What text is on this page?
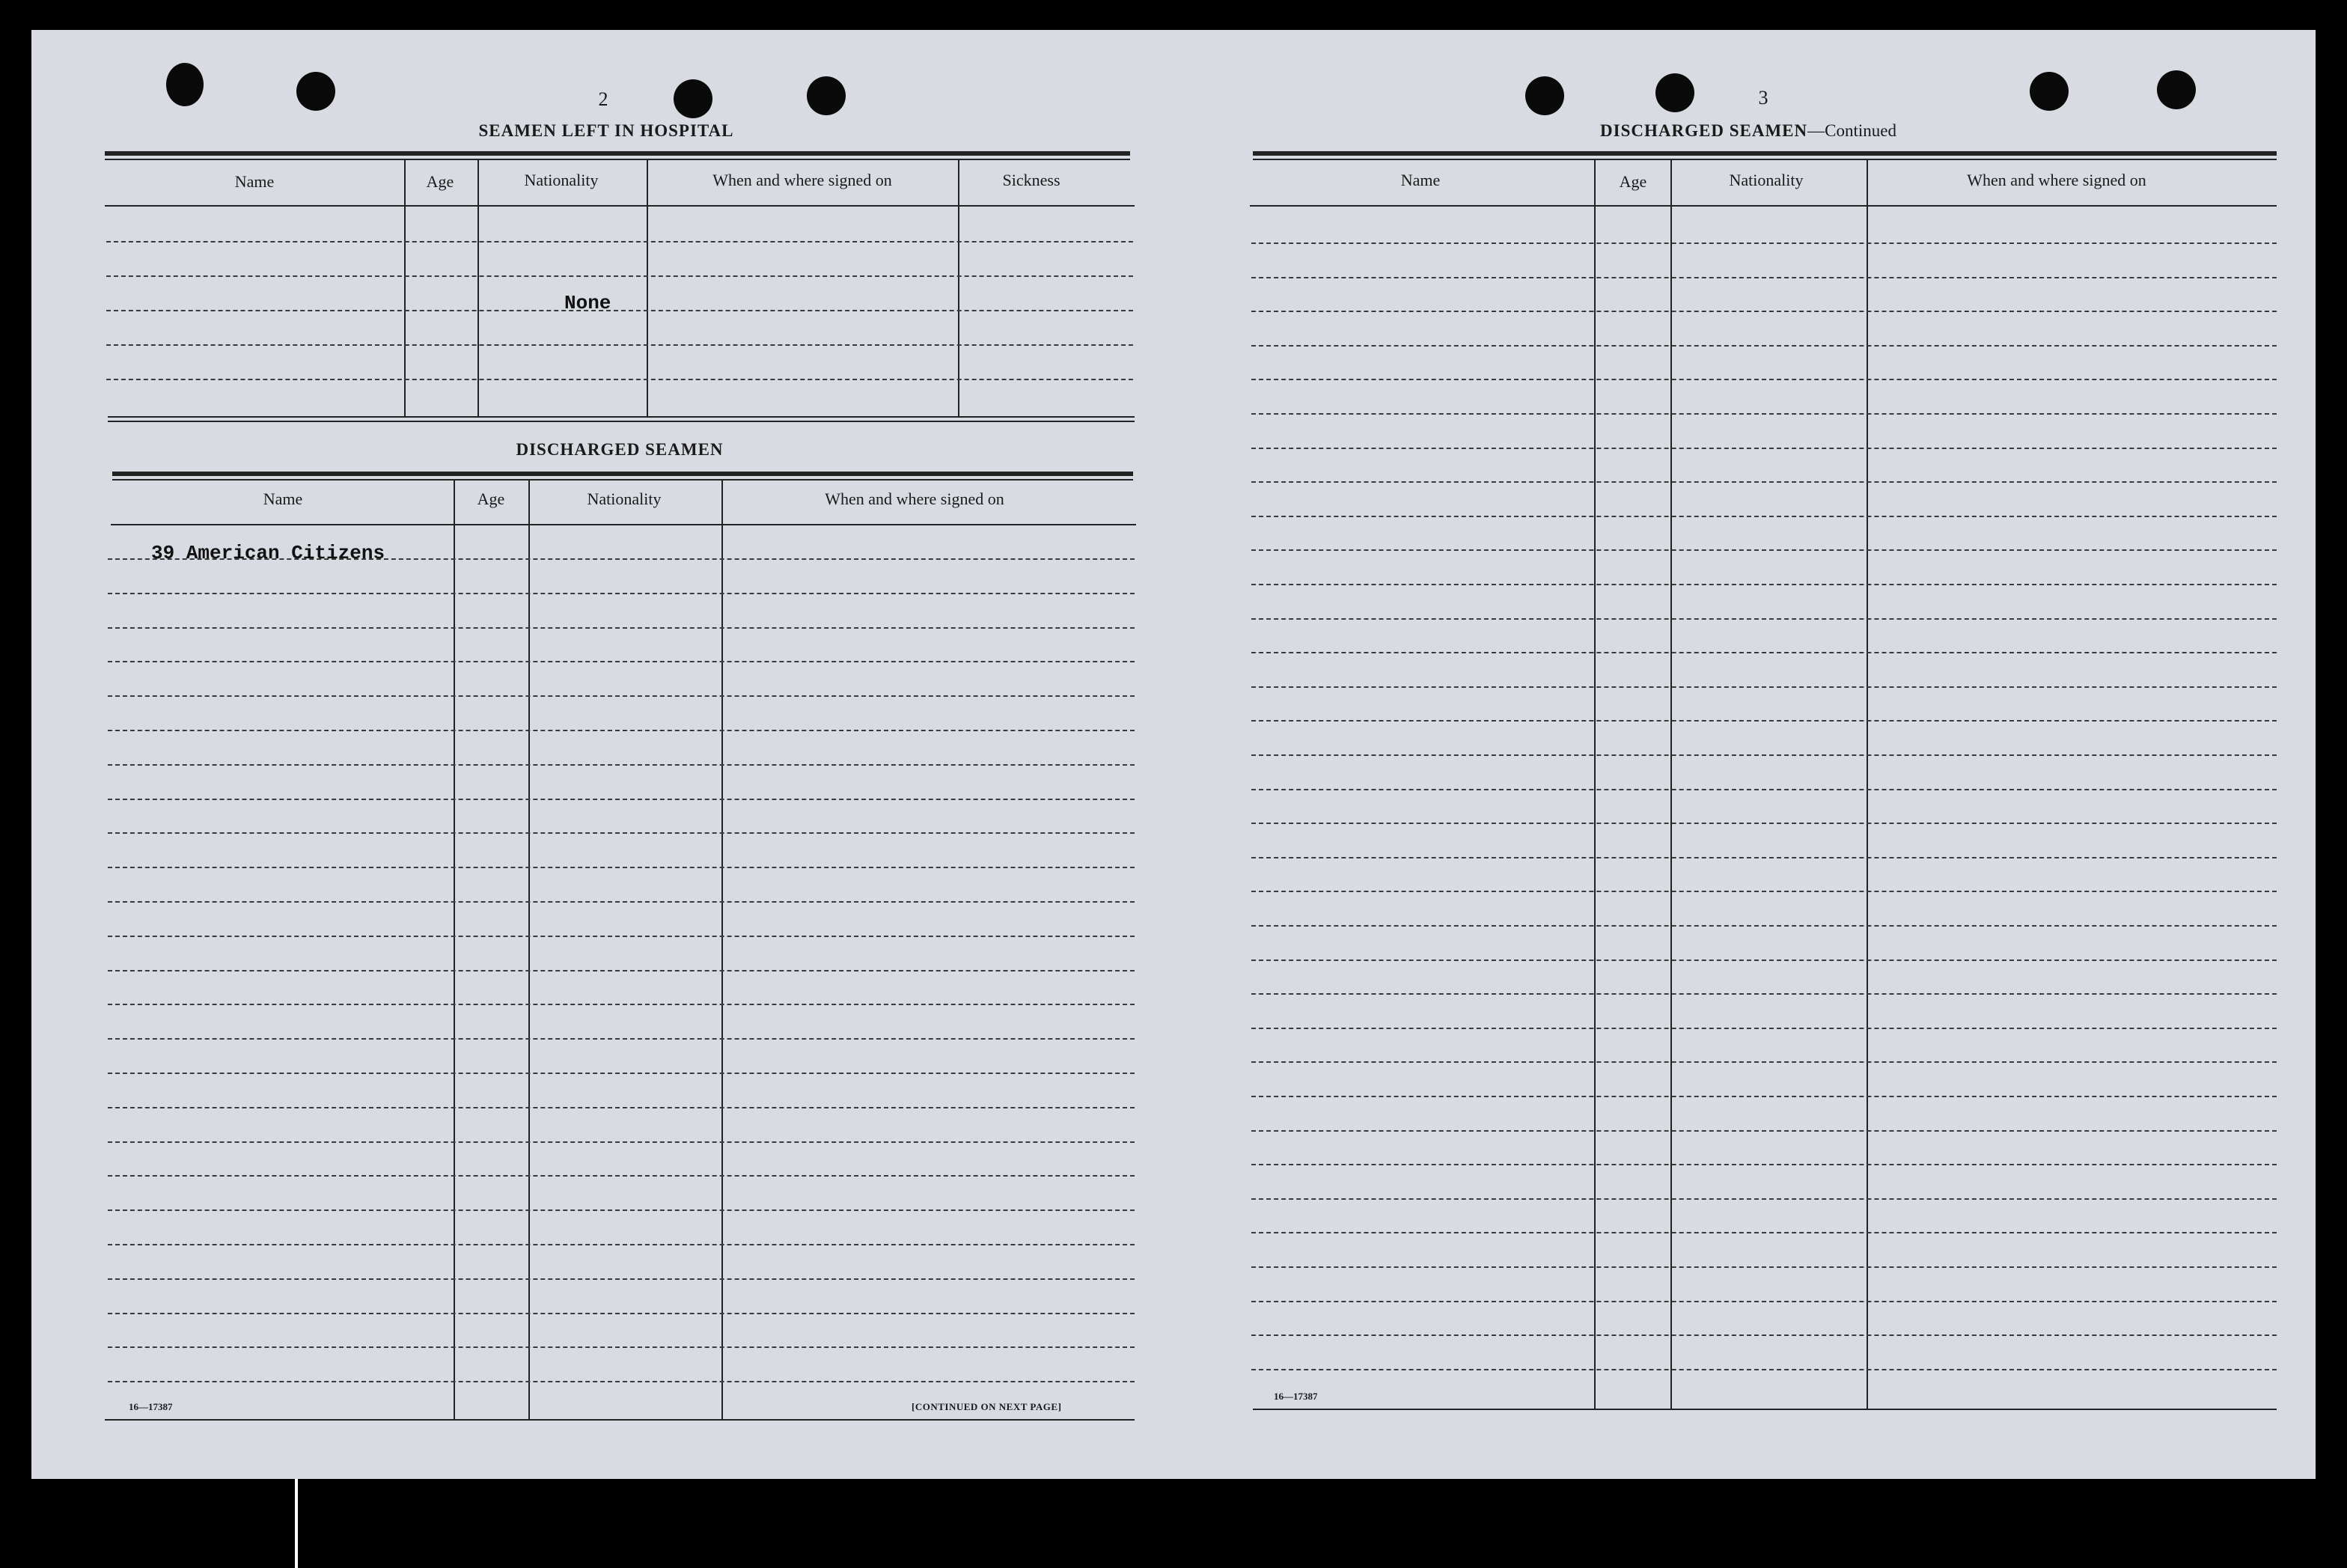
2
SEAMEN LEFT IN HOSPITAL
Name	Age	Nationality	When and where signed on	Sickness
None
DISCHARGED SEAMEN
Name	Age	Nationality	When and where signed on
39 American Citizens
16—17387	[CONTINUED ON NEXT PAGE]
3
DISCHARGED SEAMEN—Continued
Name	Age	Nationality	When and where signed on
16—17387
